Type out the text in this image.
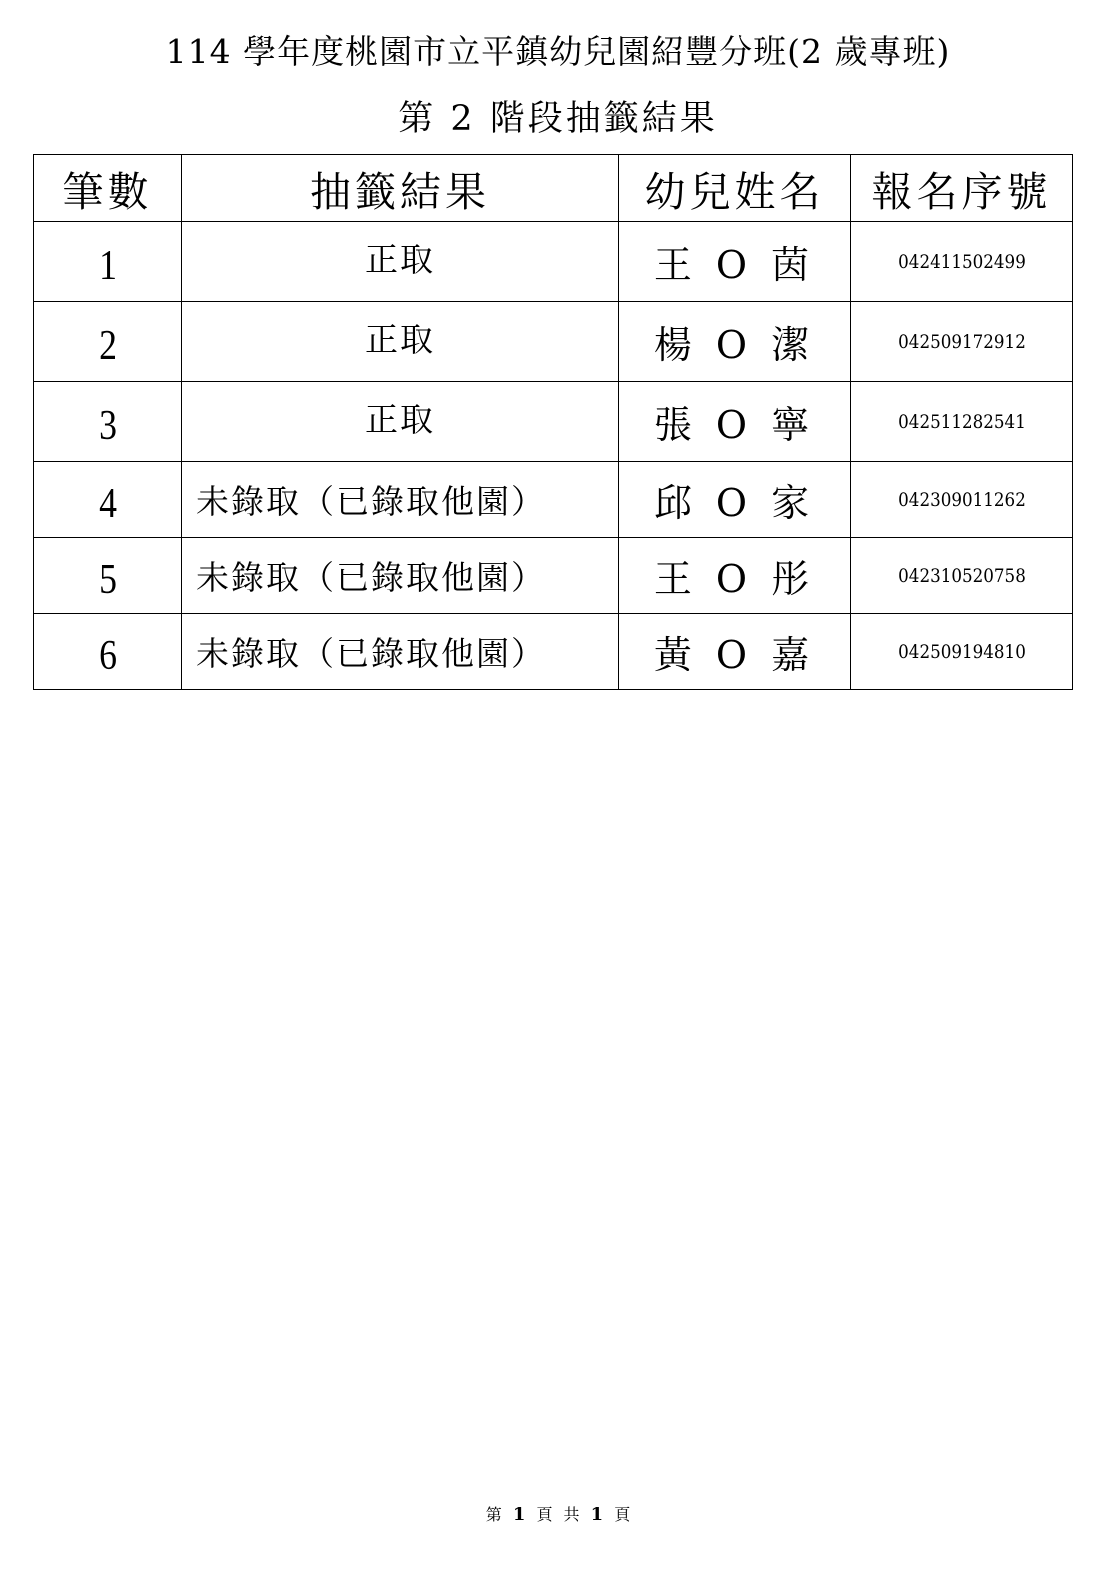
114 學年度桃園市立平鎮幼兒園紹豐分班(2 歲專班)
第 2 階段抽籤結果
筆數	抽籤結果	幼兒姓名	報名序號
1	正取	王 O 茵	042411502499
2	正取	楊 O 潔	042509172912
3	正取	張 O 寧	042511282541
4	未錄取（已錄取他園）	邱 O 家	042309011262
5	未錄取（已錄取他園）	王 O 彤	042310520758
6	未錄取（已錄取他園）	黃 O 嘉	042509194810
第 1 頁 共 1 頁
